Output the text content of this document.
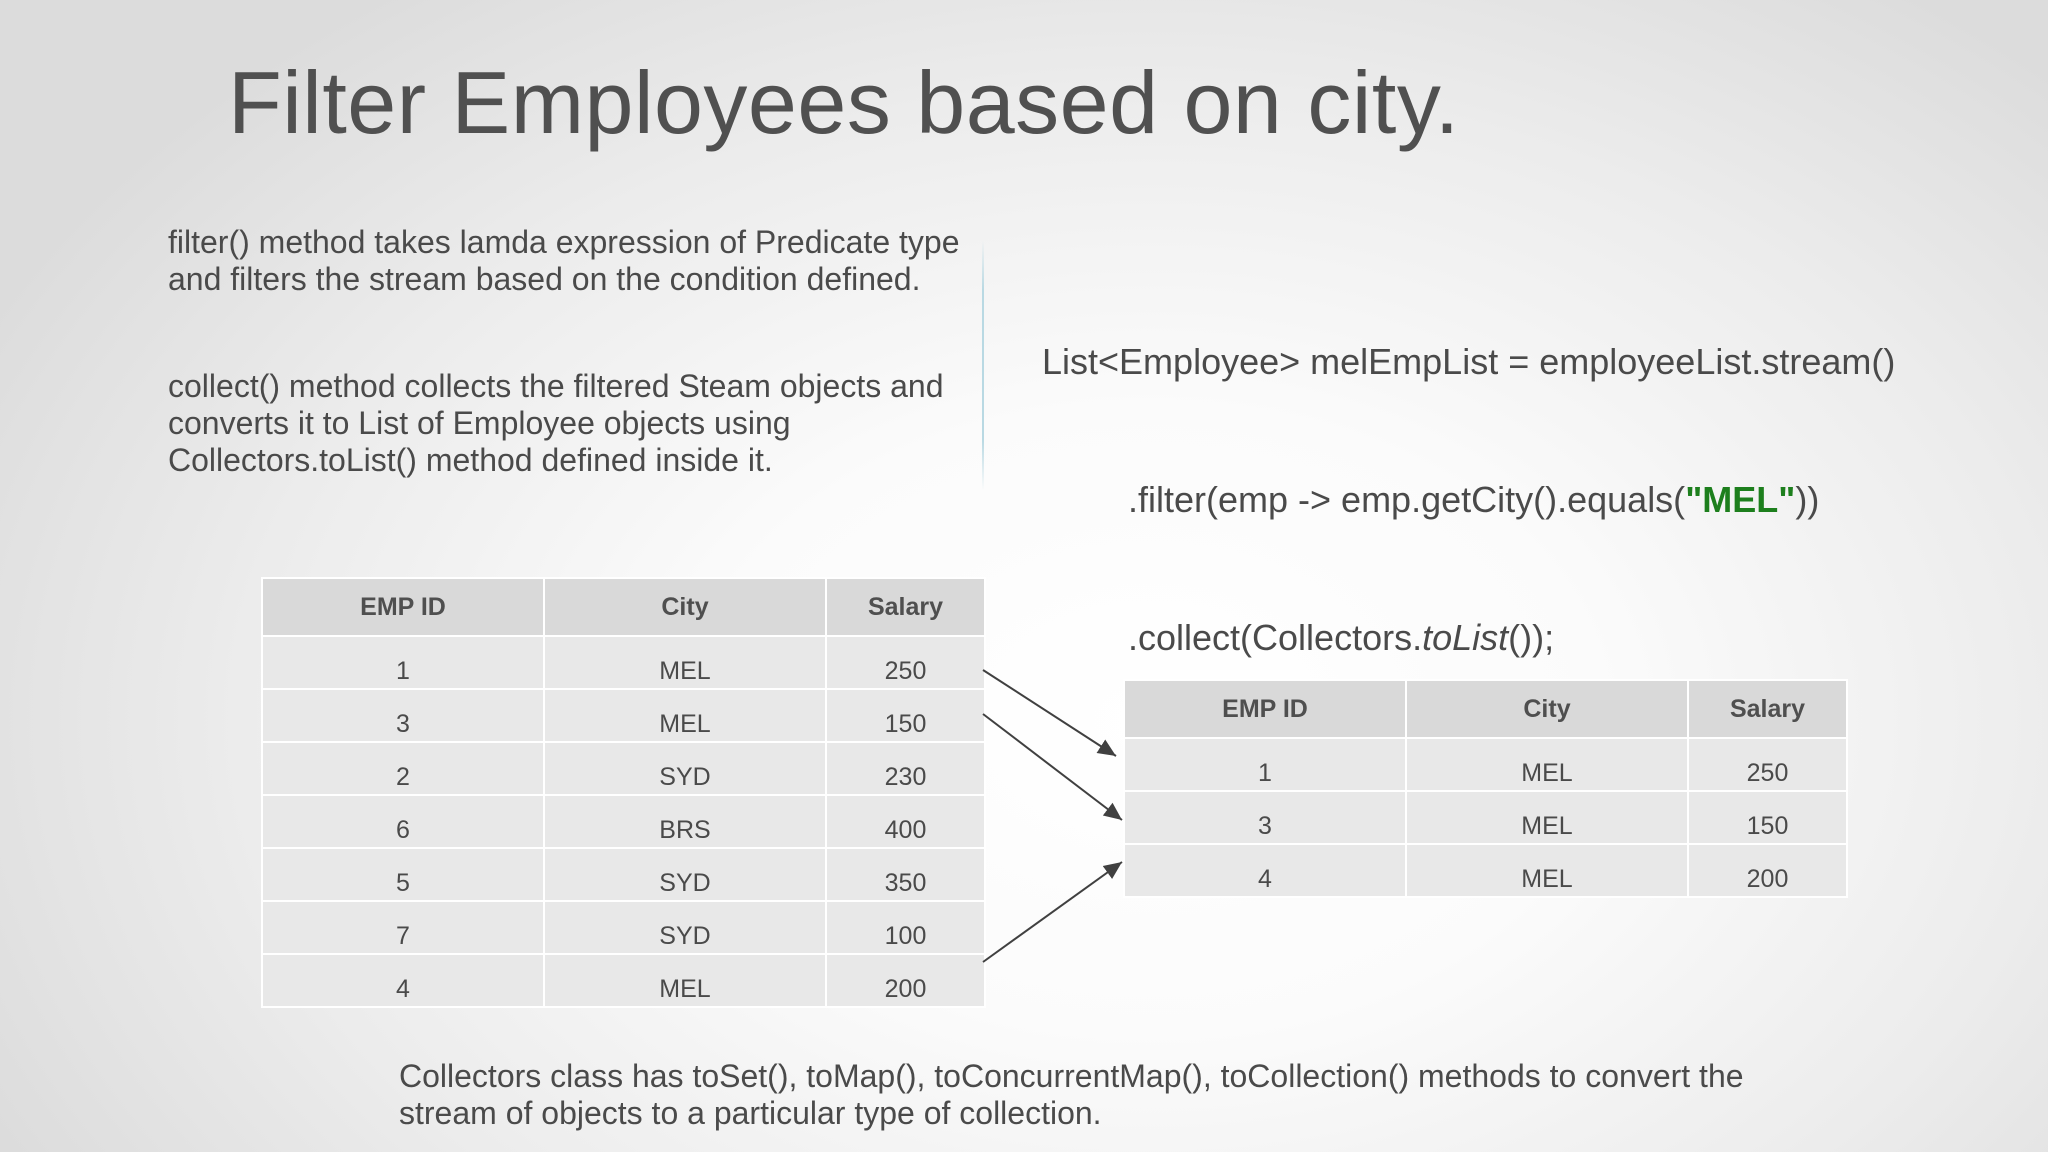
Filter Employees based on city.

filter() method takes lamda expression of Predicate type and filters the stream based on the condition defined.

collect() method collects the filtered Steam objects and converts it to List of Employee objects using Collectors.toList() method defined inside it.

List<Employee> melEmpList = employeeList.stream()

.filter(emp -> emp.getCity().equals("MEL"))

.collect(Collectors.toList());

EMP ID	City	Salary
1	MEL	250
3	MEL	150
2	SYD	230
6	BRS	400
5	SYD	350
7	SYD	100
4	MEL	200
EMP ID	City	Salary
1	MEL	250
3	MEL	150
4	MEL	200

Collectors class has toSet(), toMap(), toConcurrentMap(), toCollection() methods to convert the stream of objects to a particular type of collection.
